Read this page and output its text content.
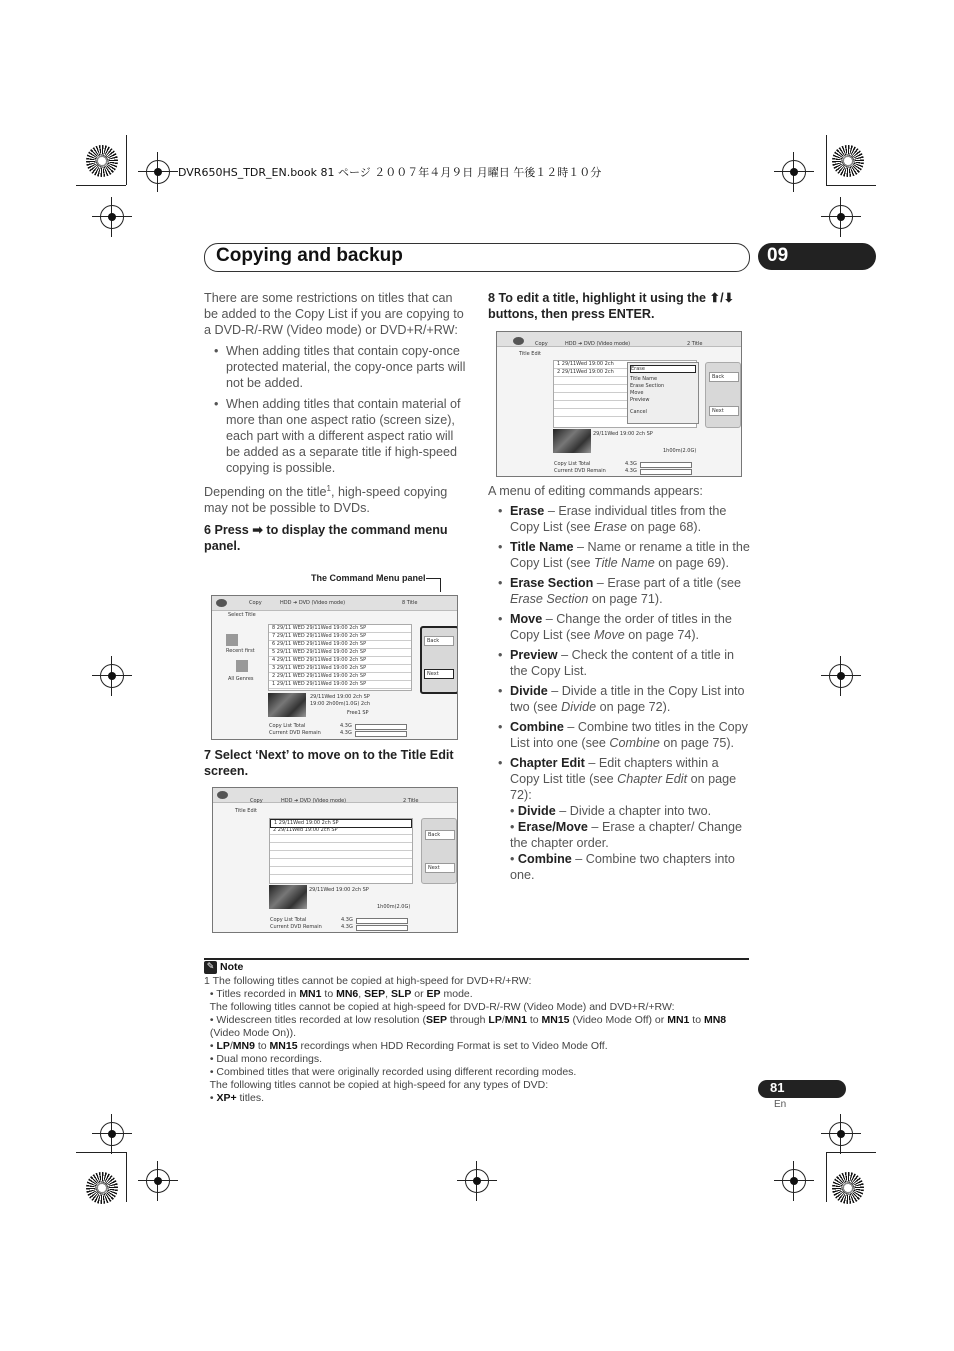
DVR650HS_TDR_EN.book 81 ページ ２００７年４月９日 月曜日 午後１２時１０分
Copying and backup	09
There are some restrictions on titles that can be added to the Copy List if you are copying to a DVD-R/-RW (Video mode) or DVD+R/+RW:
• When adding titles that contain copy-once protected material, the copy-once parts will not be added.
• When adding titles that contain material of more than one aspect ratio (screen size), each part with a different aspect ratio will be added as a separate title if high-speed copying is possible.
Depending on the title$^1$, high-speed copying may not be possible to DVDs.
6 Press ➡ to display the command menu panel.
The Command Menu panel
Copy	HDD ➜ DVD (Video mode)	8 Title
Select Title
Recent first
All Genres
8 29/11 WED 29/11Wed 19:00 2ch SP
7 29/11 WED 29/11Wed 19:00 2ch SP
6 29/11 WED 29/11Wed 19:00 2ch SP
5 29/11 WED 29/11Wed 19:00 2ch SP
4 29/11 WED 29/11Wed 19:00 2ch SP
3 29/11 WED 29/11Wed 19:00 2ch SP
2 29/11 WED 29/11Wed 19:00 2ch SP
1 29/11 WED 29/11Wed 19:00 2ch SP
Back
Next
29/11Wed 19:00 2ch SP
19:00 2h00m(1.0G) 2ch
Free1 SP
Copy List Total
Current DVD Remain
4.3G
4.3G
7 Select ‘Next’ to move on to the Title Edit screen.
Copy	HDD ➜ DVD (Video mode)	2 Title
Title Edit
1 29/11Wed 19:00 2ch SP
2 29/11Wed 19:00 2ch SP
Back
Next
29/11Wed 19:00 2ch SP
1h00m(2.0G)
Copy List Total
Current DVD Remain
4.3G
4.3G
8 To edit a title, highlight it using the ⬆/⬇ buttons, then press ENTER.
Copy	HDD ➜ DVD (Video mode)	2 Title
Title Edit
1 29/11Wed 19:00 2ch
2 29/11Wed 19:00 2ch	Erase
Title Name
Erase Section
Move
Preview
Cancel
Back
Next
29/11Wed 19:00 2ch SP
1h00m(2.0G)
Copy List Total
Current DVD Remain
4.3G
4.3G
A menu of editing commands appears:
• Erase – Erase individual titles from the Copy List (see Erase on page 68).
• Title Name – Name or rename a title in the Copy List (see Title Name on page 69).
• Erase Section – Erase part of a title (see Erase Section on page 71).
• Move – Change the order of titles in the Copy List (see Move on page 74).
• Preview – Check the content of a title in the Copy List.
• Divide – Divide a title in the Copy List into two (see Divide on page 72).
• Combine – Combine two titles in the Copy List into one (see Combine on page 75).
• Chapter Edit – Edit chapters within a Copy List title (see Chapter Edit on page 72):
• Divide – Divide a chapter into two.
• Erase/Move – Erase a chapter/ Change the chapter order.
• Combine – Combine two chapters into one.
✎ Note
1 The following titles cannot be copied at high-speed for DVD+R/+RW:
• Titles recorded in MN1 to MN6, SEP, SLP or EP mode.
The following titles cannot be copied at high-speed for DVD-R/-RW (Video Mode) and DVD+R/+RW:
• Widescreen titles recorded at low resolution (SEP through LP/MN1 to MN15 (Video Mode Off) or MN1 to MN8
(Video Mode On)).
• LP/MN9 to MN15 recordings when HDD Recording Format is set to Video Mode Off.
• Dual mono recordings.
• Combined titles that were originally recorded using different recording modes.
The following titles cannot be copied at high-speed for any types of DVD:
• XP+ titles.
81
En
